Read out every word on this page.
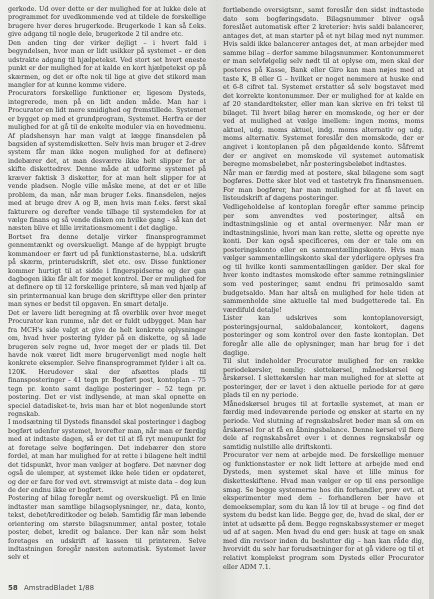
gerkode. Ud over dette er der mulighed for at lukke dele at programmet for uvedkommende ved at tildele de forskellige brugere hver deres brugerkode. Brugerkode 1 kan så f.eks. give adgang til nogle dele, brugerkode 2 til andre etc.

Den anden ting der virker dejligt – i hvert fald i begyndelsen, hvor man er lidt usikker på systemet – er den udstrakte adgang til hjælpetekst. Ved stort set hvert eneste punkt er der mulighed for at kalde en kort hjælpetekst op på skærmen, og det er ofte nok til lige at give det stikord man mangler for at kunne komme videre.

Procurators forskellige funktioner er, ligesom Dysteds, integrerede, men på en lidt anden måde. Man har i Procurator en lidt mere smidighed og fremstillede. Systemet er bygget op med et grundprogram, Systemet. Herfra er der mulighed for at gå til de enkelte moduler via en hovedmenu. Af pladshensyn har man valgt at lægge finansdelen på bagsiden af systemdisketten. Selv hvis man bruger et 2-drev system får man ikke nogen mulighed for at definere) indebærer det, at man desværre ikke helt slipper for at skifte diskettedrev. Denne måde at udforme systemet på kræver faktisk 3 disketter, for at man helt slipper for at vende pladsen. Nogle ville måske mene, at det er et lille problem, da man, når man bruger f.eks. finansdelen, nøjes med at bruge drev A og B, men hvis man f.eks. først skal fakturere og derefter vende tilbage til systemdelen for at vælge finans og så vende disken om hvilke gang – så kan det næsten blive et lille irritationsmoment i det daglige.

Bortset fra denne detalje virker finansprogrammet gennemtænkt og overskueligt. Mange af de hyppigt brugte kommandoer er fært ud på funktionstasterne, bl.a. udskrift på skærm, printerudskrift, slet etc. osv. Disse funktioner kommer hurtigt til at sidde i fingerspidserne og der gan dagbogen ikke får alt for meget kontrol. Der er mulighed for at definere op til 12 forskellige printere, så man ved hjælp af sin printermanual kan bruge den skrifttype eller den printer man synes er bedst til opgaven. En smart detalje.

Det er lavere lidt beregning at få overblik over hvor meget Procurator kan rumme, når det er fuldt udbygget. Man har fra MCH's side valgt at give de helt konkrete oplysninger om, hvad hver postering fylder på en diskette, og så lade brugeren selv regne ud, hvor meget der er plads til. Det havde nok været lidt mere brugervenligt med nogle helt konkrete eksempler. Selve finansprogrammet fylder i alt ca. 120K. Herudover skal der afsættes plads til finansposteringer – 41 tegn pr. Bogført post, kontoplan – 75 tegn pr. konto samt daglige posteringer – 52 tegn pr. postering. Det er vist indlysende, at man skal opnette en speciel datadisket-te, hvis man har et blot nogenlunde stort regnskab.

I modsætning til Dysteds finansdel skal posteringer i dagbog bogført udenfor systemet, hvorefter man, når man er færdig med at indtaste dagen, så er det til at få ryt menupunkt for at foretage selve bogføringen. Det indebærer den store fordel, at man har mulighed for at rette i bilagene helt indtil det tidspunkt, hvor man vælger at bogføre. Det nævner dog også de ulemper, at systemet ikke hele tiden er opdateret, og der er fare for ved evt. strømsvigt at miste data – dog kun de der endnu ikke er bogført.

Postering af bilag foregår nemt og overskueligt. På en linie indtaster man samtlige bilagsoplysninger, nr., data, konto, tekst, debet/kreditkoder og beløb. Samtidig får man løbende orientering om største bilagsnummer, antal poster, totale poster, debet, kredit og balance. Der kan når som helst foretages en udskrift af kassen til printeren. Selve indtastningen foregår næsten automatisk. Systemet laver selv et

fortløbende oversigtsnr., samt foreslår den sidst indtastede dato som bogføringsdato. Bilagsnummer bliver også foreslået automatisk efter 2 kreterier: hvis saldi balancerer, antages det, at man starter på et nyt bilag med nyt nummer. Hvis saldi ikke balancerer antages det, at man arbejder med samme bilag – derfor samme bilagsnummer. Kontonummeret er man selvfølgelig selv nødt til at oplyse om, men skal der posteres på Kasse, Bank eller Giro kan man nøjes med at taste K, B eller G – hvilket er noget nemmere at huske end et 6-8 cifret tal. Systemet erstatter så selv bogstavet med det korrekte kontonummer. Der er mulighed for at kalde en af 20 standardtekster, eller man kan skrive en fri tekst til bilaget. Til hvert bilag hører en momskode, og her er der ved at mulighed at vælge imellem: ingen moms, moms aktuel, udg. moms aktuel, indg. moms alternativ og udg. moms alternativ. Systemet foreslår den momskode, der er angivet i kontoplanen på den pågældende konto. Såfremt der er angivet en momskode vil systemet automatisk beregne momsbeløbet, når posteringsbeløbet indtastes.

Når man er færdig med at postere, skal bilagene som sagt bogføres. Dette sker blot ved et tastetryk fra finansmenuen. For man bogfører, har man mulighed for at få lavet en listeudskrift af dagens posteringer.

Vedligeholdelse af kontoplan foregår efter samme princip per som anvendtes ved posteringer, altså en indtastningslinie og et antal overmenyer. Når man er indtastningslinie, hvori man kan rette, slette og oprette nye konti. Der kan også specificeres, om der er tale om en posteringskonto eller en sammentællingskonto. Hvis man vælger sammentællingskonto skal der yderligere oplyses fra og til hvilke konti sammentællingen gælder. Der skal for hver konto indtastes momskode efter samme retningslinier som ved posteringer, samt endnu fri primosaldo samt budgetsaldo. Man har altså en mulighed for hele tiden at sammenholde sine aktuelle tal med budgetterede tal. En værdifuld detalje!

Lister kan udskrives som kontoplanoversigt, posteringsjournal, saldobalancer, kontokort, dagens posteringer og som kontrol over den faste kontoplan. Det foregår alle alle de oplysninger, man har brug for i det daglige.

Til slut indeholder Procurator mulighed for en række periodekørsler, nemlig: slettekørsel, månedskørsel og årskørsel. I slettekørslen har man mulighed for at slette at posteringer, der er lavet i den aktuelle periode for at gøre plads til en ny periode.

Månedskørsel bruges til at fortælle systemet, at man er færdig med indeværende periode og ønsker at starte en ny periode. Ved slutning af regnskabsåret beder man så om en årskørsel for at få en åbningsbalance. Denne kørsel vil flere dele af regnskabsåret over i et dennes regnskabsår og samtidig nulstille alle driftskonti.

Procurator ver nem at arbejde med. De forskellige menuer og funktionstaster er nok lidt lettere at arbejde med end Dysteds, men systemet skal have et lille minus for disketteskiftene. Hvad man vælger er op til ens personlige smag. Se begge systemerne hos din forhandler, prøv evt. at eksperimenter med dem – forhandleren bør have et demoeksemplar, som du kan lå lov til at bruge – og find det system du bedst kan lide. Begge ger, de, hvad de skal, der er intet at udsætte på dem. Begge regnskabssystemer er meget ud af at sagen. Men hvad du end gør: husk at tage en snak med din revisor inden du beslutter dig – han kan råde dig, hvorvidt du selv har forudsætninger for at gå videre og til et relativt komplekst program som Dysteds eller Procurator eller ADM 7.1.

58 AmstradBladet 1/88
